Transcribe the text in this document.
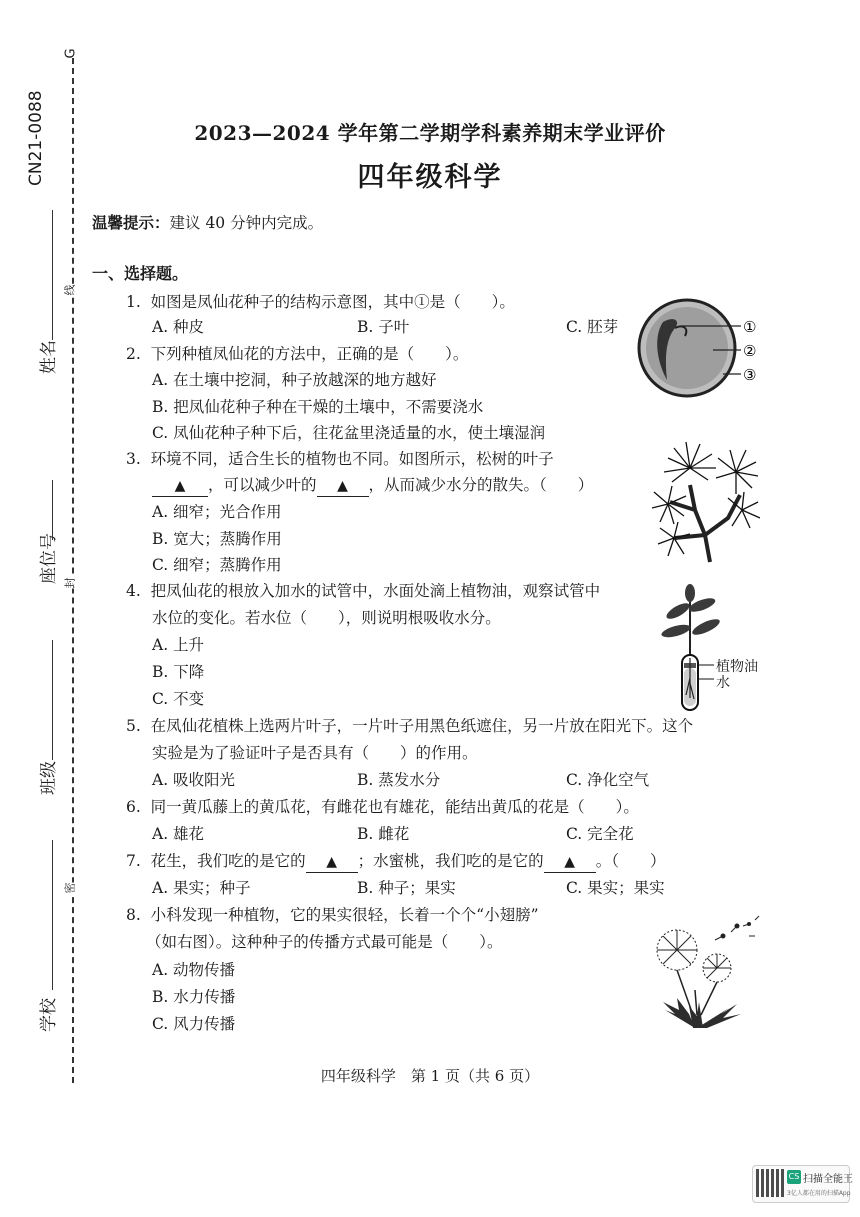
CN21-0088
G
姓名
座位号
班级
学校
线
封
密
2023—2024 学年第二学期学科素养期末学业评价
四年级科学
温馨提示：建议 40 分钟内完成。
一、选择题。
1. 如图是凤仙花种子的结构示意图，其中①是（　　）。
A. 种皮	B. 子叶	C. 胚芽
2. 下列种植凤仙花的方法中，正确的是（　　）。
A. 在土壤中挖洞，种子放越深的地方越好
B. 把凤仙花种子种在干燥的土壤中，不需要浇水
C. 凤仙花种子种下后，往花盆里浇适量的水，使土壤湿润
①
②
③
3. 环境不同，适合生长的植物也不同。如图所示，松树的叶子
▲ ，可以减少叶的 ▲ ，从而减少水分的散失。（　　）
A. 细窄；光合作用
B. 宽大；蒸腾作用
C. 细窄；蒸腾作用
4. 把凤仙花的根放入加水的试管中，水面处滴上植物油，观察试管中
水位的变化。若水位（　　），则说明根吸收水分。
A. 上升
B. 下降
C. 不变
植物油
水
5. 在凤仙花植株上选两片叶子，一片叶子用黑色纸遮住，另一片放在阳光下。这个
实验是为了验证叶子是否具有（　　）的作用。
A. 吸收阳光	B. 蒸发水分	C. 净化空气
6. 同一黄瓜藤上的黄瓜花，有雌花也有雄花，能结出黄瓜的花是（　　）。
A. 雄花	B. 雌花	C. 完全花
7. 花生，我们吃的是它的 ▲ ；水蜜桃，我们吃的是它的 ▲ 。（　　）
A. 果实；种子	B. 种子；果实	C. 果实；果实
8. 小科发现一种植物，它的果实很轻，长着一个个“小翅膀”
（如右图）。这种种子的传播方式最可能是（　　）。
A. 动物传播
B. 水力传播
C. 风力传播
四年级科学　第 1 页（共 6 页）
CS 扫描全能王
3亿人都在用的扫描App
